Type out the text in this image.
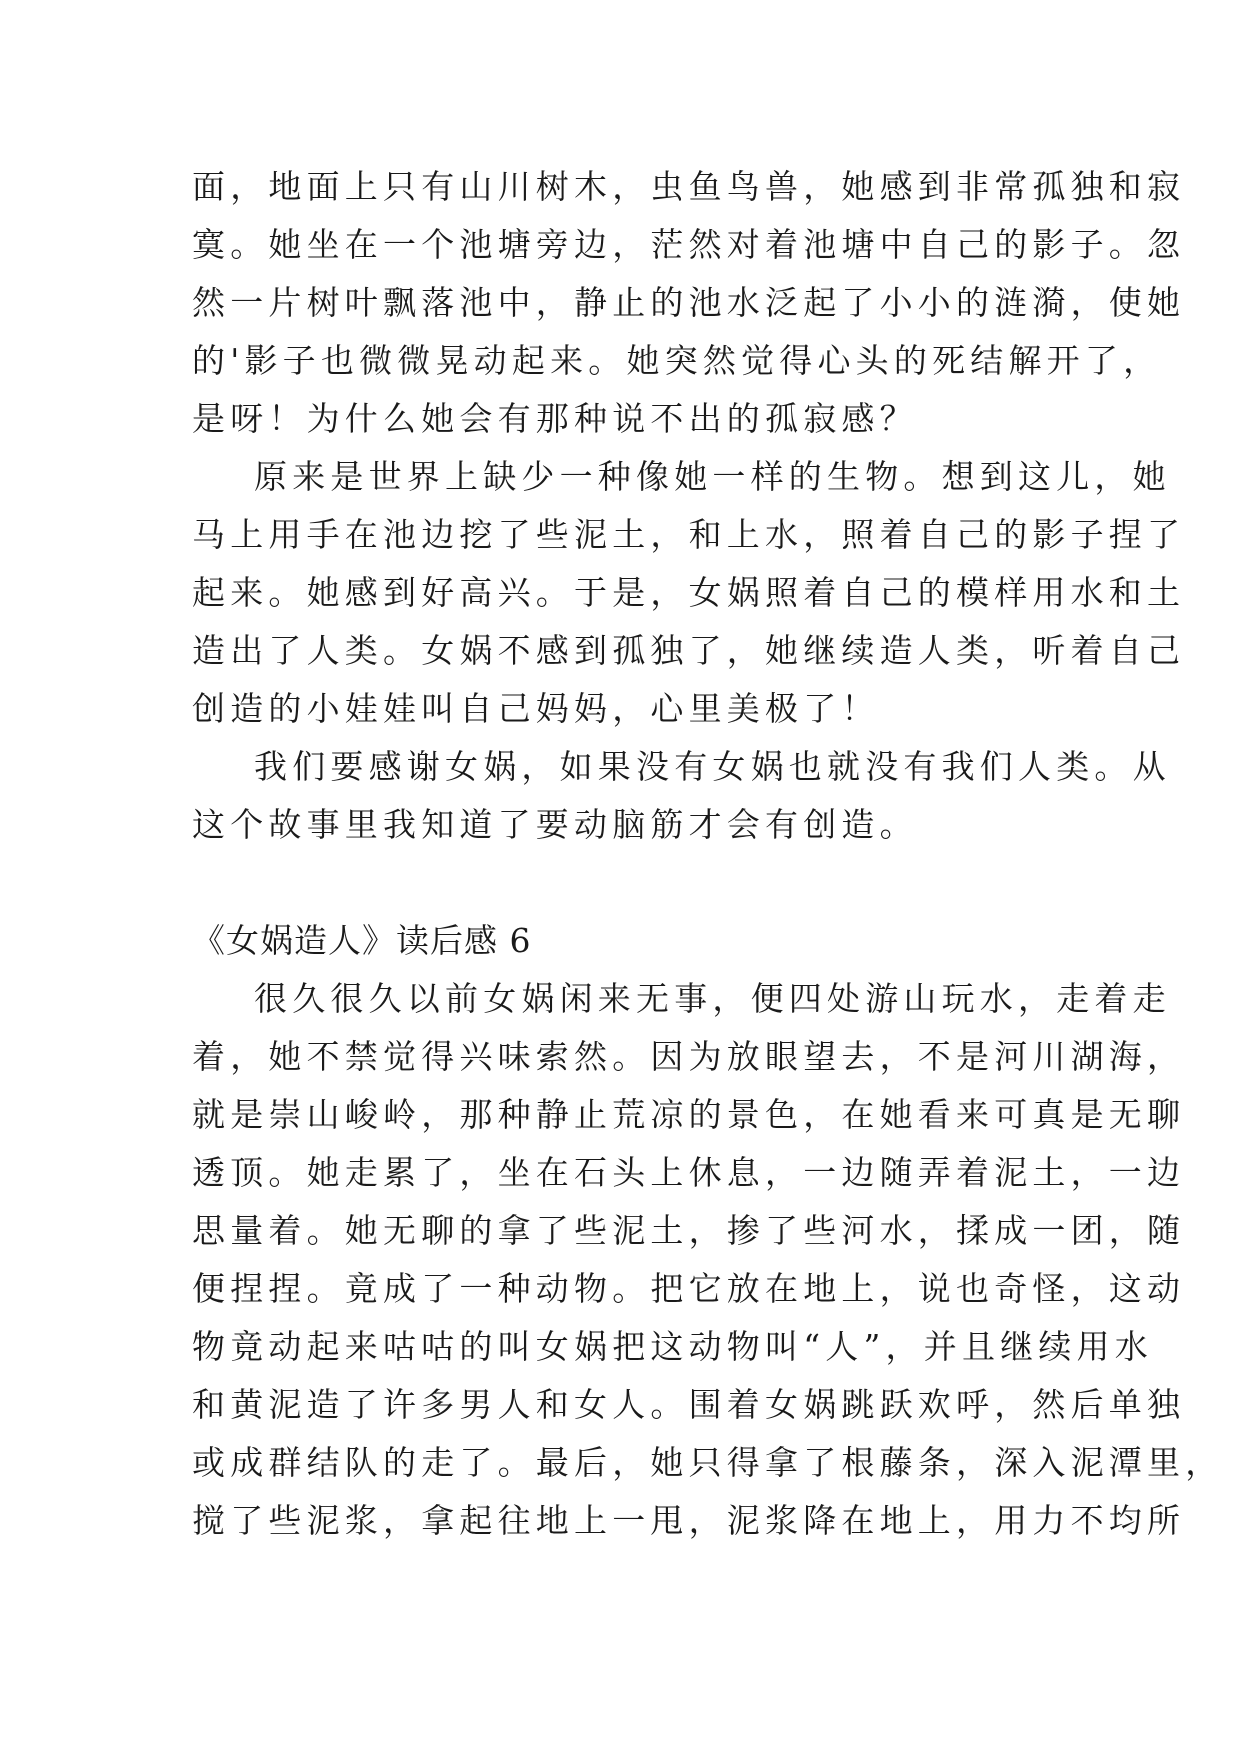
面，地面上只有山川树木，虫鱼鸟兽，她感到非常孤独和寂
寞。她坐在一个池塘旁边，茫然对着池塘中自己的影子。忽
然一片树叶飘落池中，静止的池水泛起了小小的涟漪，使她
的'影子也微微晃动起来。她突然觉得心头的死结解开了，
是呀！为什么她会有那种说不出的孤寂感？
原来是世界上缺少一种像她一样的生物。想到这儿，她
马上用手在池边挖了些泥土，和上水，照着自己的影子捏了
起来。她感到好高兴。于是，女娲照着自己的模样用水和土
造出了人类。女娲不感到孤独了，她继续造人类，听着自己
创造的小娃娃叫自己妈妈，心里美极了！
我们要感谢女娲，如果没有女娲也就没有我们人类。从
这个故事里我知道了要动脑筋才会有创造。
《女娲造人》读后感 6
很久很久以前女娲闲来无事，便四处游山玩水，走着走
着，她不禁觉得兴味索然。因为放眼望去，不是河川湖海，
就是崇山峻岭，那种静止荒凉的景色，在她看来可真是无聊
透顶。她走累了，坐在石头上休息，一边随弄着泥土，一边
思量着。她无聊的拿了些泥土，掺了些河水，揉成一团，随
便捏捏。竟成了一种动物。把它放在地上，说也奇怪，这动
物竟动起来咕咕的叫女娲把这动物叫“人”，并且继续用水
和黄泥造了许多男人和女人。围着女娲跳跃欢呼，然后单独
或成群结队的走了。最后，她只得拿了根藤条，深入泥潭里，
搅了些泥浆，拿起往地上一甩，泥浆降在地上，用力不均所
